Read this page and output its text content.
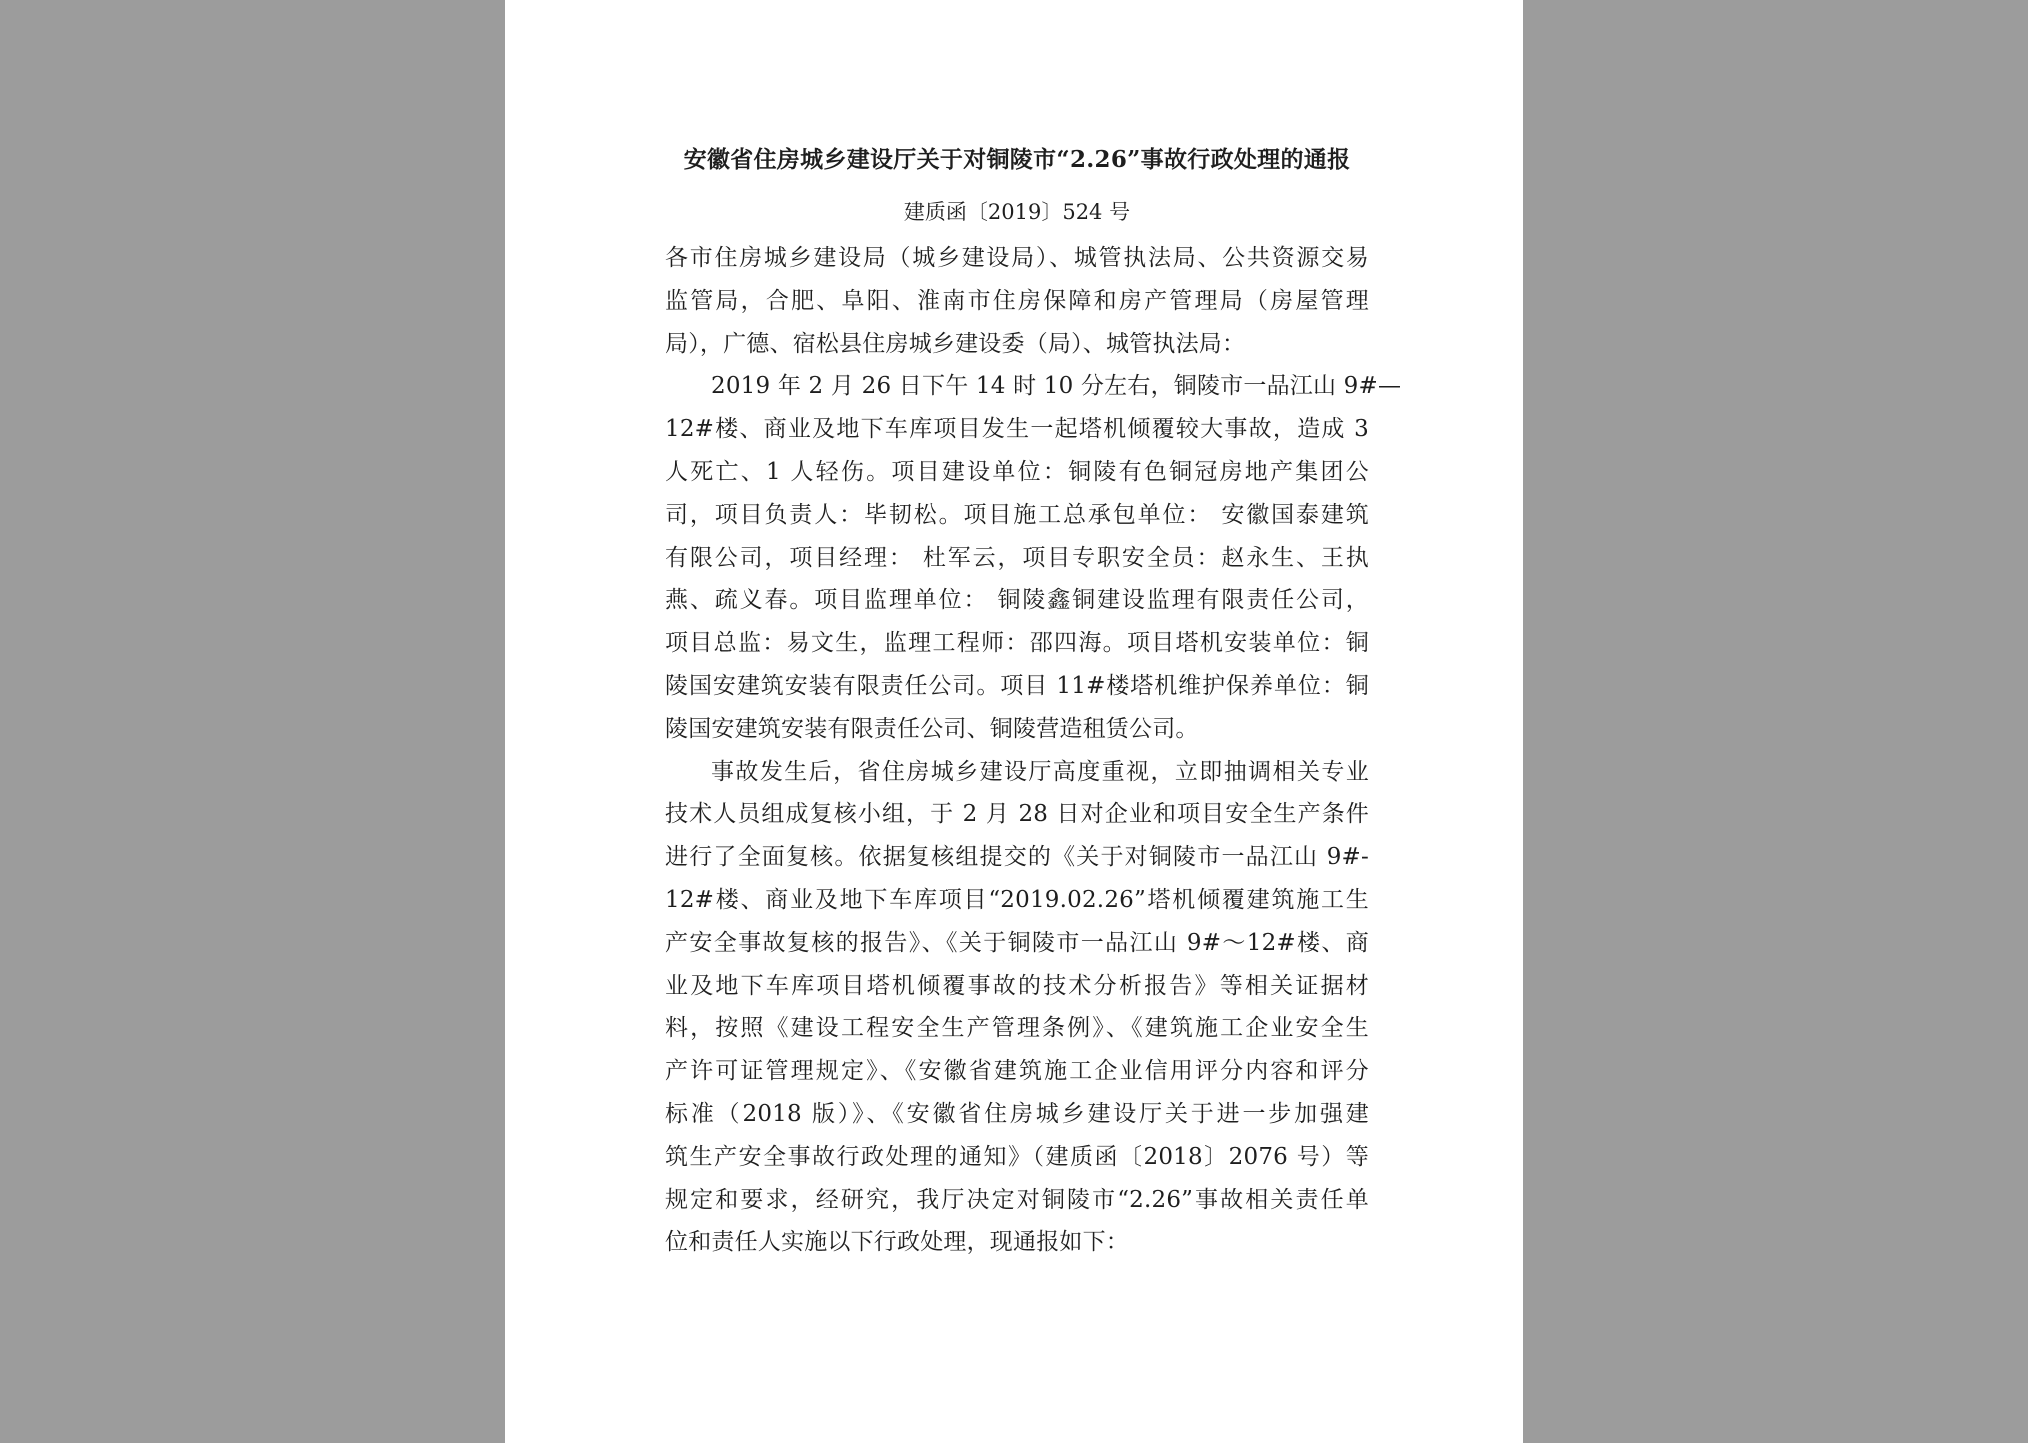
安徽省住房城乡建设厅关于对铜陵市“2.26”事故行政处理的通报
建质函〔2019〕524 号
各市住房城乡建设局（城乡建设局）、城管执法局、公共资源交易
监管局，合肥、阜阳、淮南市住房保障和房产管理局（房屋管理
局），广德、宿松县住房城乡建设委（局）、城管执法局：
2019 年 2 月 26 日下午 14 时 10 分左右，铜陵市一品江山 9#—
12#楼、商业及地下车库项目发生一起塔机倾覆较大事故，造成 3
人死亡、1 人轻伤。项目建设单位：铜陵有色铜冠房地产集团公
司，项目负责人：毕韧松。项目施工总承包单位： 安徽国泰建筑
有限公司，项目经理： 杜军云，项目专职安全员：赵永生、王执
燕、疏义春。项目监理单位： 铜陵鑫铜建设监理有限责任公司，
项目总监：易文生，监理工程师：邵四海。项目塔机安装单位：铜
陵国安建筑安装有限责任公司。项目 11#楼塔机维护保养单位：铜
陵国安建筑安装有限责任公司、铜陵营造租赁公司。
事故发生后，省住房城乡建设厅高度重视，立即抽调相关专业
技术人员组成复核小组，于 2 月 28 日对企业和项目安全生产条件
进行了全面复核。依据复核组提交的《关于对铜陵市一品江山 9#-
12#楼、商业及地下车库项目“2019.02.26”塔机倾覆建筑施工生
产安全事故复核的报告》、《关于铜陵市一品江山 9#～12#楼、商
业及地下车库项目塔机倾覆事故的技术分析报告》等相关证据材
料，按照《建设工程安全生产管理条例》、《建筑施工企业安全生
产许可证管理规定》、《安徽省建筑施工企业信用评分内容和评分
标准（2018 版）》、《安徽省住房城乡建设厅关于进一步加强建
筑生产安全事故行政处理的通知》（建质函〔2018〕2076 号）等
规定和要求，经研究，我厅决定对铜陵市“2.26”事故相关责任单
位和责任人实施以下行政处理，现通报如下：
